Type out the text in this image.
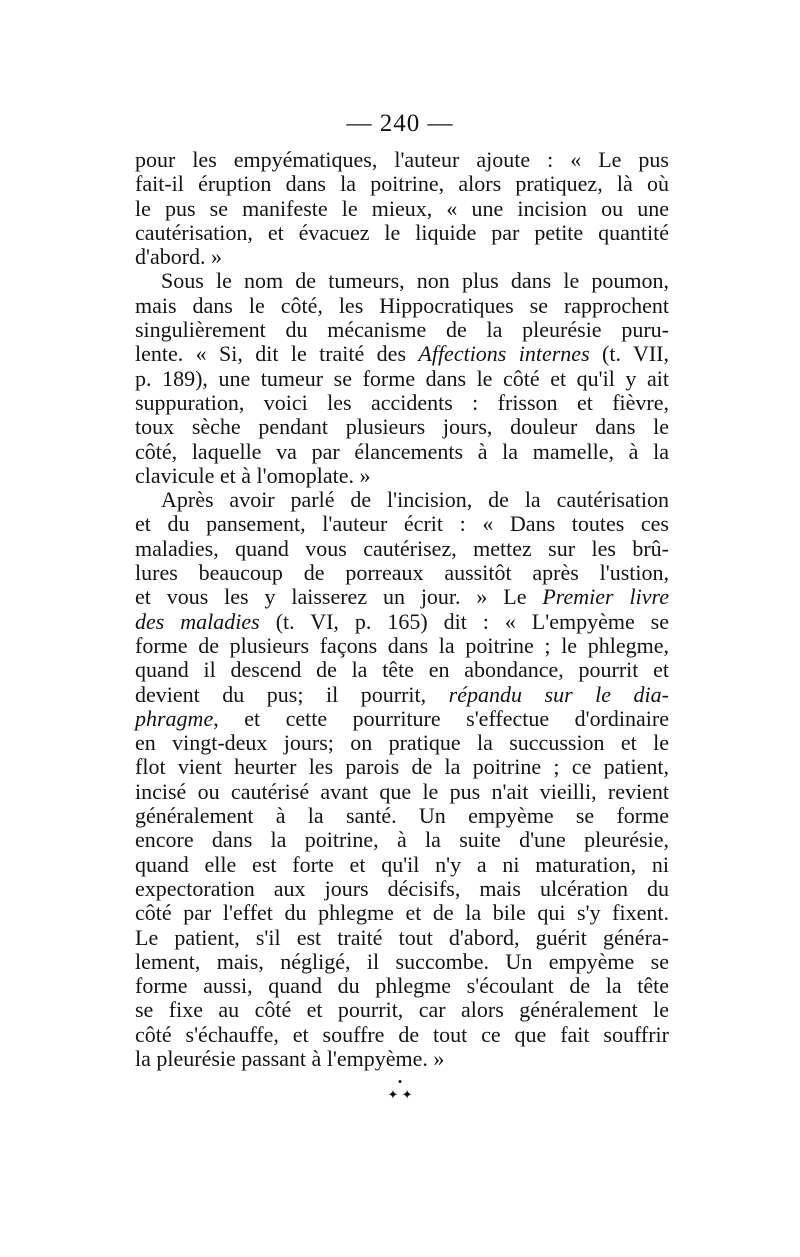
— 240 —
pour les empyématiques, l'auteur ajoute : « Le pus
fait-il éruption dans la poitrine, alors pratiquez, là où
le pus se manifeste le mieux, « une incision ou une
cautérisation, et évacuez le liquide par petite quantité
d'abord. »
Sous le nom de tumeurs, non plus dans le poumon,
mais dans le côté, les Hippocratiques se rapprochent
singulièrement du mécanisme de la pleurésie puru-
lente. « Si, dit le traité des Affections internes (t. VII,
p. 189), une tumeur se forme dans le côté et qu'il y ait
suppuration, voici les accidents : frisson et fièvre,
toux sèche pendant plusieurs jours, douleur dans le
côté, laquelle va par élancements à la mamelle, à la
clavicule et à l'omoplate. »
Après avoir parlé de l'incision, de la cautérisation
et du pansement, l'auteur écrit : « Dans toutes ces
maladies, quand vous cautérisez, mettez sur les brû-
lures beaucoup de porreaux aussitôt après l'ustion,
et vous les y laisserez un jour. » Le Premier livre
des maladies (t. VI, p. 165) dit : « L'empyème se
forme de plusieurs façons dans la poitrine ; le phlegme,
quand il descend de la tête en abondance, pourrit et
devient du pus; il pourrit, répandu sur le dia-
phragme, et cette pourriture s'effectue d'ordinaire
en vingt-deux jours; on pratique la succussion et le
flot vient heurter les parois de la poitrine ; ce patient,
incisé ou cautérisé avant que le pus n'ait vieilli, revient
généralement à la santé. Un empyème se forme
encore dans la poitrine, à la suite d'une pleurésie,
quand elle est forte et qu'il n'y a ni maturation, ni
expectoration aux jours décisifs, mais ulcération du
côté par l'effet du phlegme et de la bile qui s'y fixent.
Le patient, s'il est traité tout d'abord, guérit généra-
lement, mais, négligé, il succombe. Un empyème se
forme aussi, quand du phlegme s'écoulant de la tête
se fixe au côté et pourrit, car alors généralement le
côté s'échauffe, et souffre de tout ce que fait souffrir
la pleurésie passant à l'empyème. »
•
✦ ✦
